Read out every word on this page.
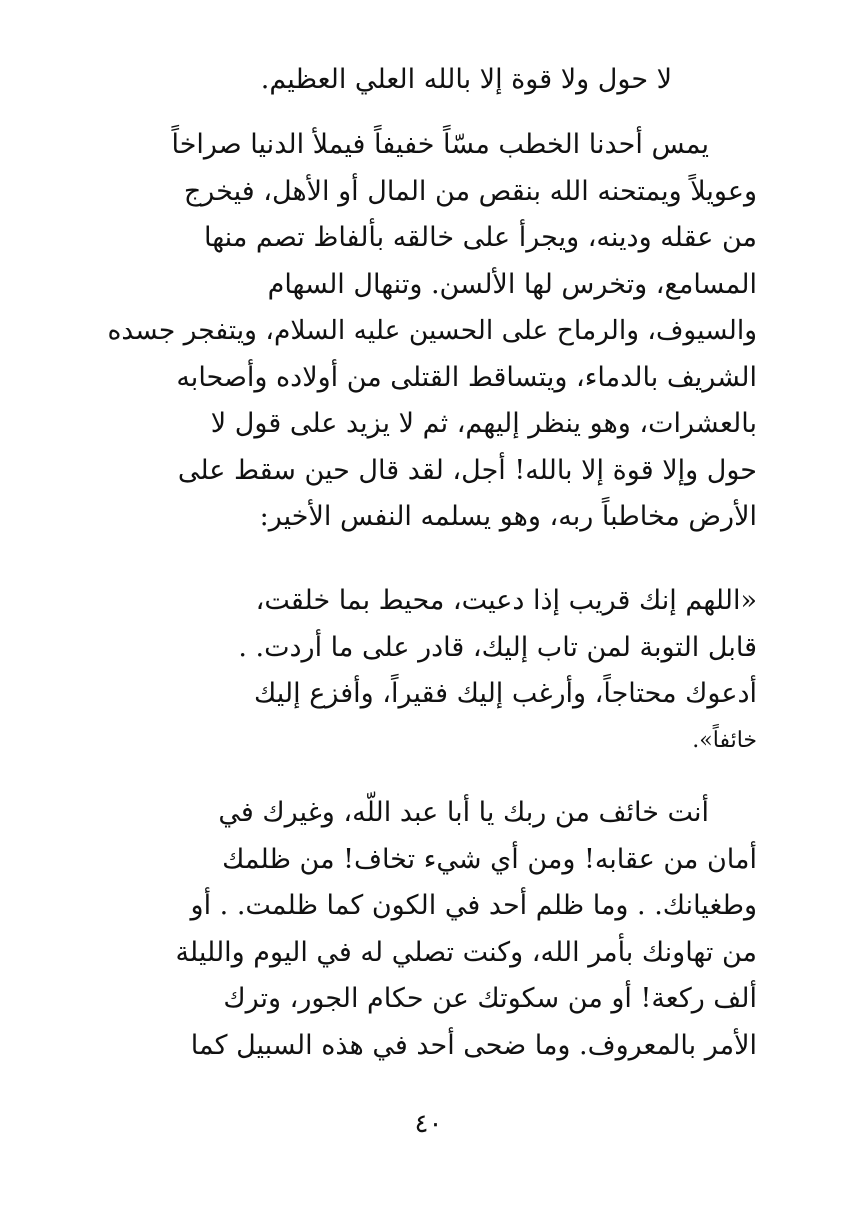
لا حول ولا قوة إلا بالله العلي العظيم.
يمس أحدنا الخطب مسّاً خفيفاً فيملأ الدنيا صراخاً
وعويلاً ويمتحنه الله بنقص من المال أو الأهل، فيخرج
من عقله ودينه، ويجرأ على خالقه بألفاظ تصم منها
المسامع، وتخرس لها الألسن. وتنهال السهام
والسيوف، والرماح على الحسين عليه السلام، ويتفجر جسده
الشريف بالدماء، ويتساقط القتلى من أولاده وأصحابه
بالعشرات، وهو ينظر إليهم، ثم لا يزيد على قول لا
حول وإلا قوة إلا بالله! أجل، لقد قال حين سقط على
الأرض مخاطباً ربه، وهو يسلمه النفس الأخير:
«اللهم إنك قريب إذا دعيت، محيط بما خلقت،
قابل التوبة لمن تاب إليك، قادر على ما أردت. .
أدعوك محتاجاً، وأرغب إليك فقيراً، وأفزع إليك
خائفاً».
أنت خائف من ربك يا أبا عبد اللّه، وغيرك في
أمان من عقابه! ومن أي شيء تخاف! من ظلمك
وطغيانك. . وما ظلم أحد في الكون كما ظلمت. . أو
من تهاونك بأمر الله، وكنت تصلي له في اليوم والليلة
ألف ركعة! أو من سكوتك عن حكام الجور، وترك
الأمر بالمعروف. وما ضحى أحد في هذه السبيل كما
٤٠
